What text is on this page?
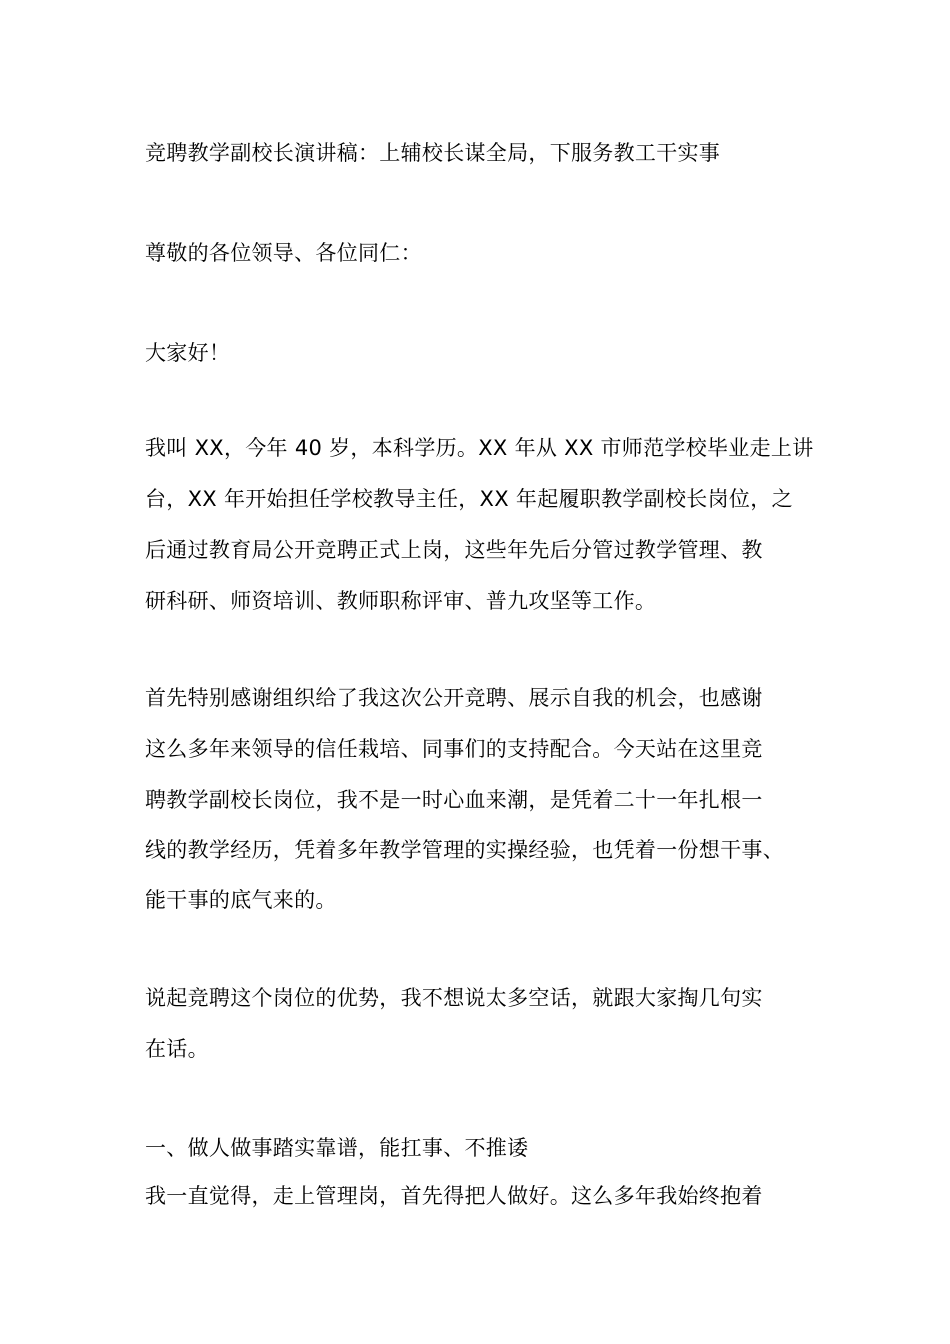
竞聘教学副校长演讲稿：上辅校长谋全局，下服务教工干实事
尊敬的各位领导、各位同仁：
大家好！
我叫 XX，今年 40 岁，本科学历。XX 年从 XX 市师范学校毕业走上讲
台，XX 年开始担任学校教导主任，XX 年起履职教学副校长岗位，之
后通过教育局公开竞聘正式上岗，这些年先后分管过教学管理、教
研科研、师资培训、教师职称评审、普九攻坚等工作。
首先特别感谢组织给了我这次公开竞聘、展示自我的机会，也感谢
这么多年来领导的信任栽培、同事们的支持配合。今天站在这里竞
聘教学副校长岗位，我不是一时心血来潮，是凭着二十一年扎根一
线的教学经历，凭着多年教学管理的实操经验，也凭着一份想干事、
能干事的底气来的。
说起竞聘这个岗位的优势，我不想说太多空话，就跟大家掏几句实
在话。
一、做人做事踏实靠谱，能扛事、不推诿
我一直觉得，走上管理岗，首先得把人做好。这么多年我始终抱着
